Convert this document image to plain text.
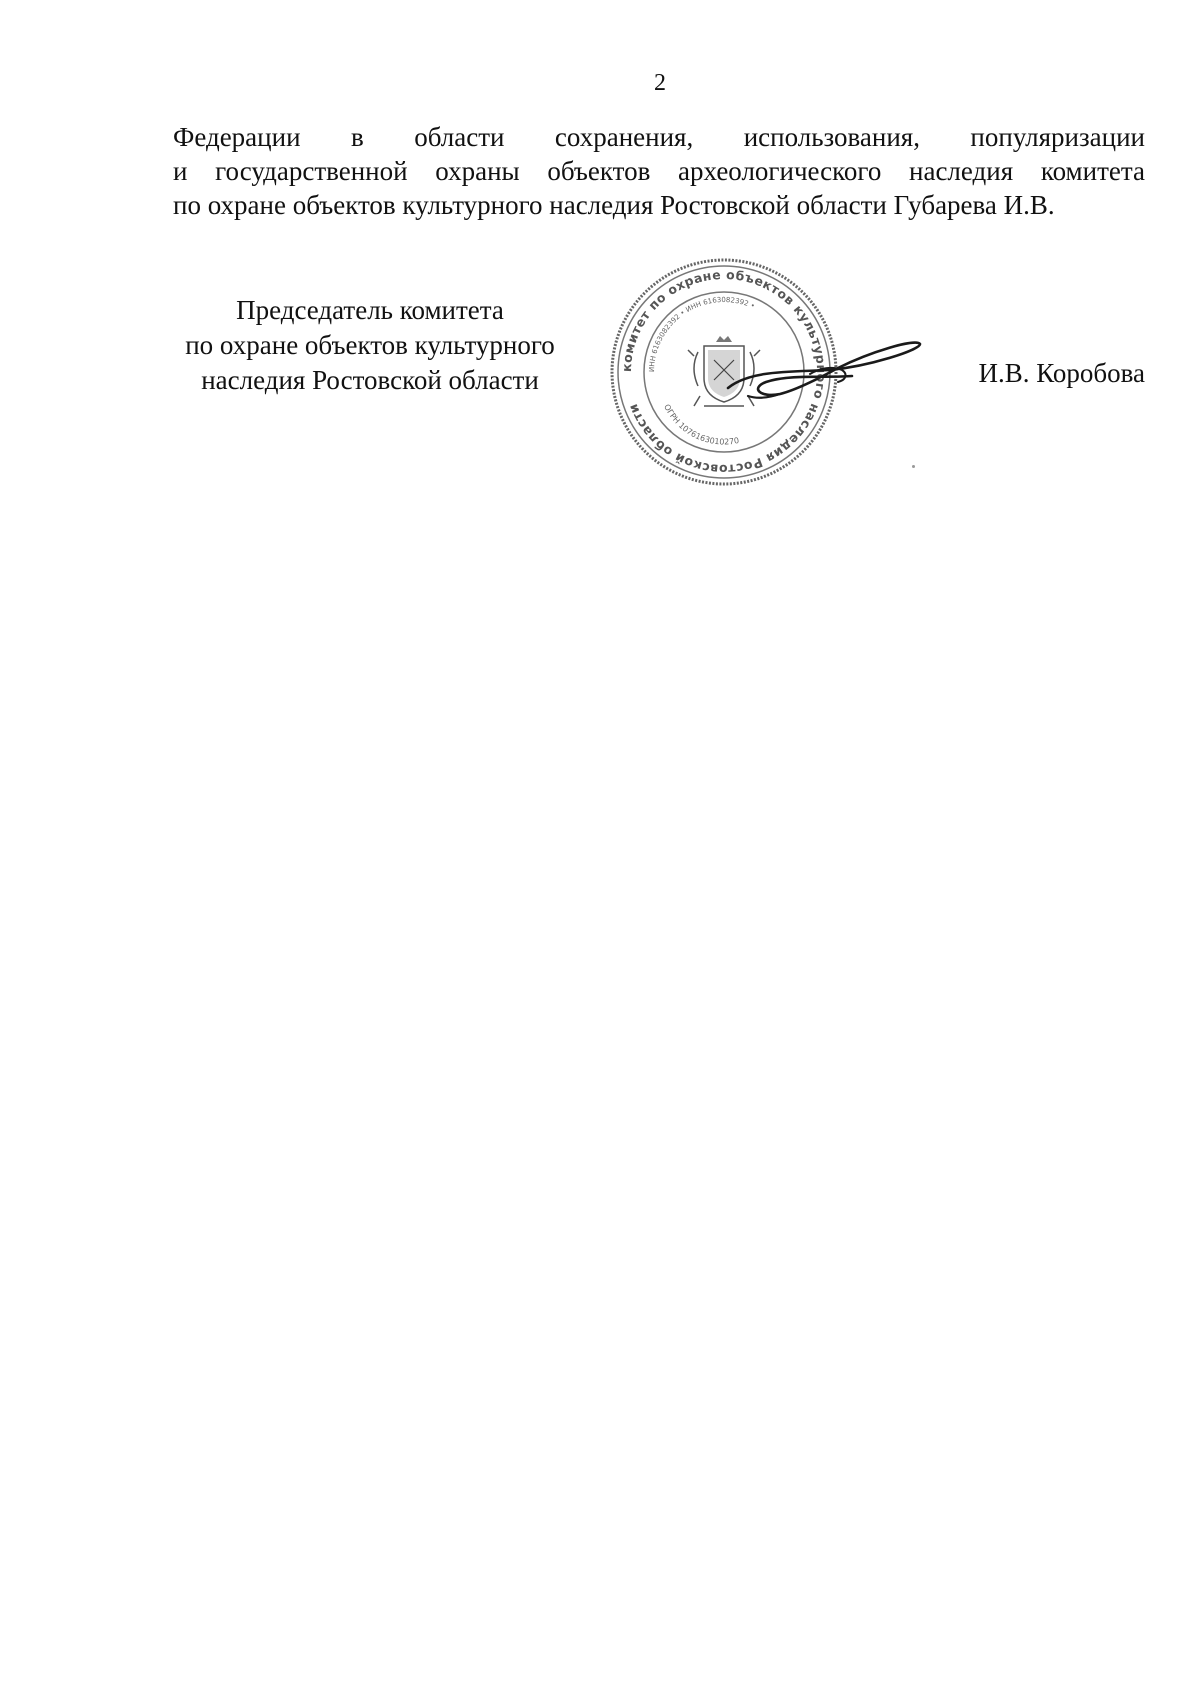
2
Федерации в области сохранения, использования, популяризации
и государственной охраны объектов археологического наследия комитета
по охране объектов культурного наследия Ростовской области Губарева И.В.
Председатель комитета
по охране объектов культурного
наследия Ростовской области	комитет по охране объектов культурного наследия Ростовской области
ИНН 6163082392 • ИНН 6163082392 •
ОГРН 1076163010270
И.В. Коробова
